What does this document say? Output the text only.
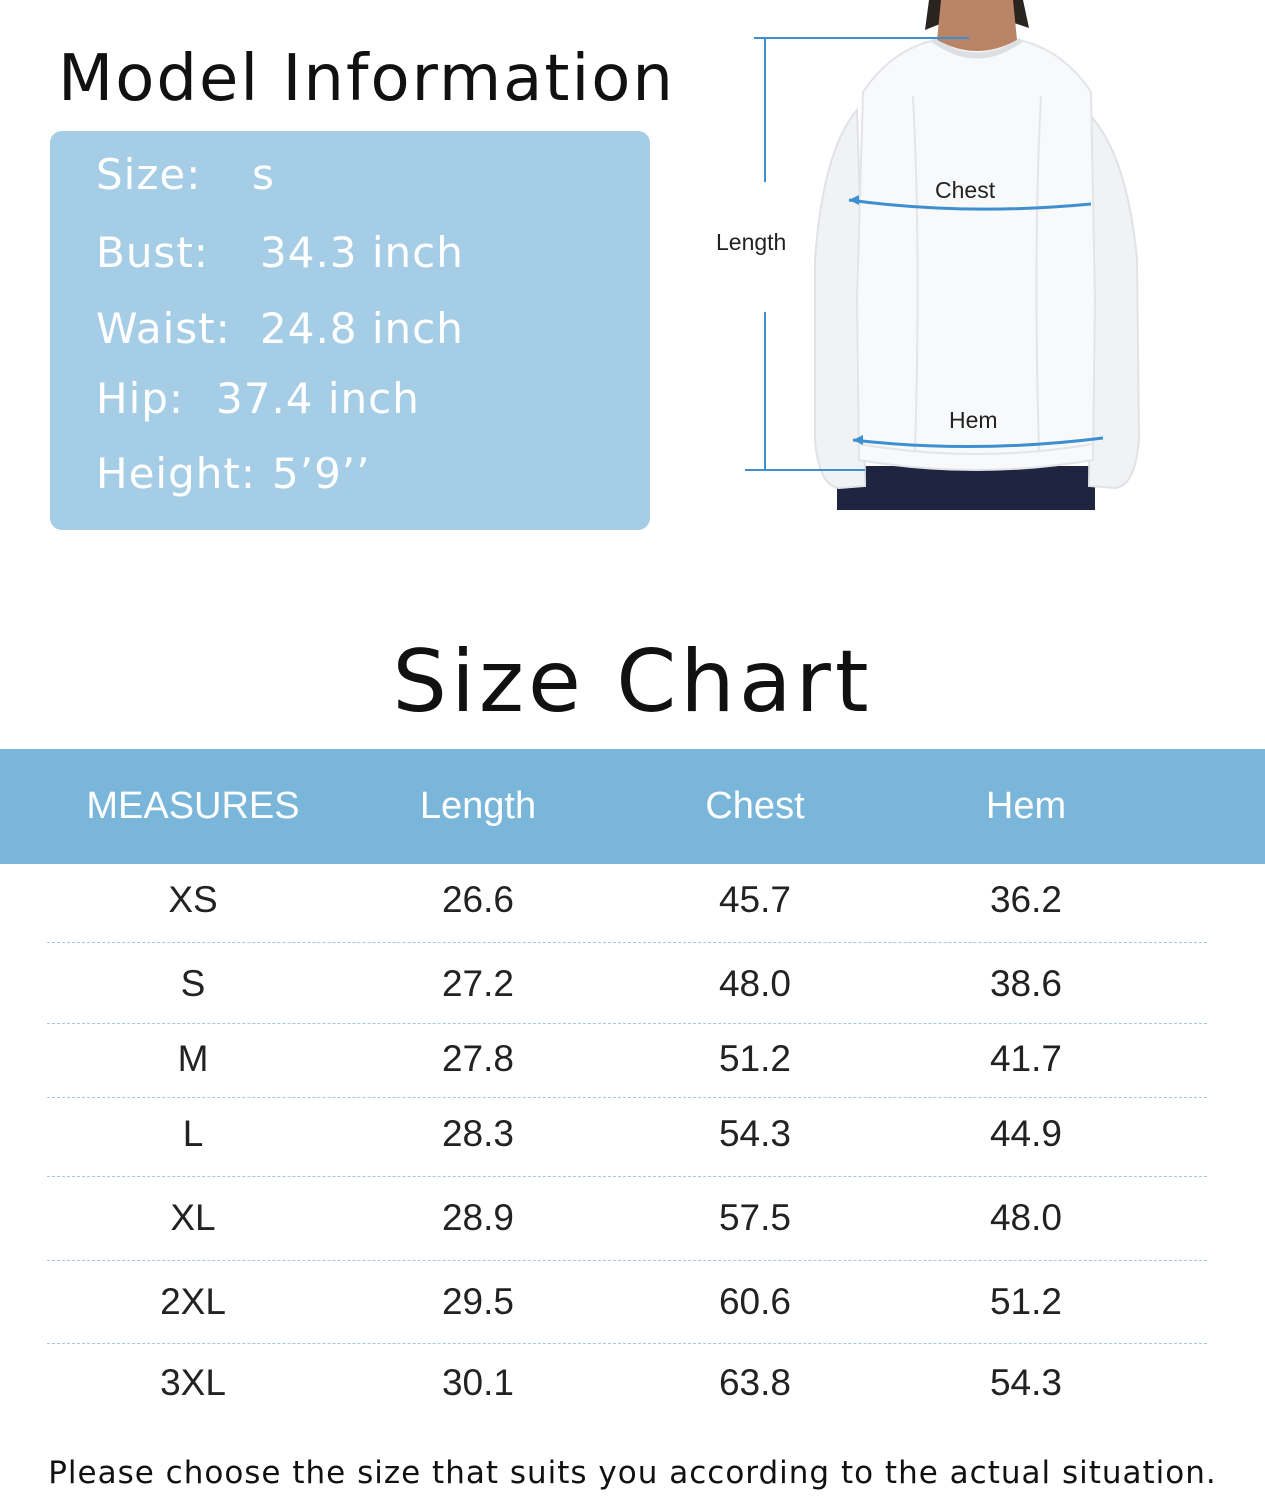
Model Information
Size: s
Bust: 34.3 inch
Waist: 24.8 inch
Hip: 37.4 inch
Height: 5’9’’
Length
Chest
Hem
Size Chart
MEASURES	Length	Chest	Hem
XS	26.6	45.7	36.2
S	27.2	48.0	38.6
M	27.8	51.2	41.7
L	28.3	54.3	44.9
XL	28.9	57.5	48.0
2XL	29.5	60.6	51.2
3XL	30.1	63.8	54.3
Please choose the size that suits you according to the actual situation.
